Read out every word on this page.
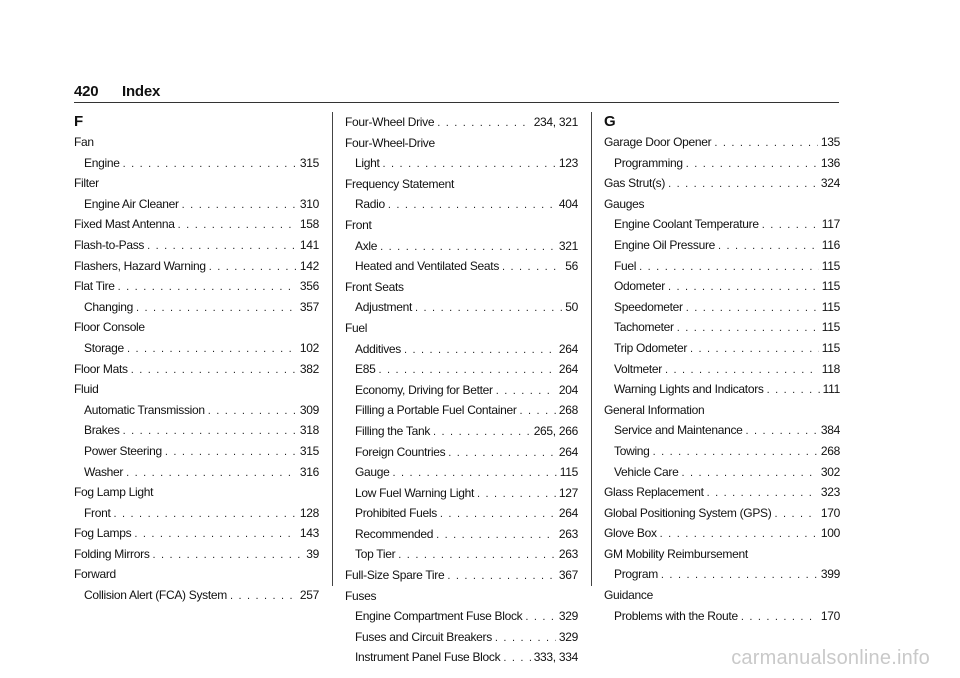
420 Index
F
Fan
Engine . . .	315
Filter
Engine Air Cleaner . . .	310
Fixed Mast Antenna . . .	158
Flash-to-Pass . . .	141
Flashers, Hazard Warning . . .	142
Flat Tire . . .	356
Changing . . .	357
Floor Console
Storage . . .	102
Floor Mats . . .	382
Fluid
Automatic Transmission . . .	309
Brakes . . .	318
Power Steering . . .	315
Washer . . .	316
Fog Lamp Light
Front . . .	128
Fog Lamps . . .	143
Folding Mirrors . . .	39
Forward
Collision Alert (FCA) System . . .	257
Four-Wheel Drive . . .	234, 321
Four-Wheel-Drive
Light . . .	123
Frequency Statement
Radio . . .	404
Front
Axle . . .	321
Heated and Ventilated Seats . . .	56
Front Seats
Adjustment . . .	50
Fuel
Additives . . .	264
E85 . . .	264
Economy, Driving for Better . . .	204
Filling a Portable Fuel Container . . .	268
Filling the Tank . . .	265, 266
Foreign Countries . . .	264
Gauge . . .	115
Low Fuel Warning Light . . .	127
Prohibited Fuels . . .	264
Recommended . . .	263
Top Tier . . .	263
Full-Size Spare Tire . . .	367
Fuses
Engine Compartment Fuse Block . . .	329
Fuses and Circuit Breakers . . .	329
Instrument Panel Fuse Block . . .	333, 334
G
Garage Door Opener . . .	135
Programming . . .	136
Gas Strut(s) . . .	324
Gauges
Engine Coolant Temperature . . .	117
Engine Oil Pressure . . .	116
Fuel . . .	115
Odometer . . .	115
Speedometer . . .	115
Tachometer . . .	115
Trip Odometer . . .	115
Voltmeter . . .	118
Warning Lights and Indicators . . .	111
General Information
Service and Maintenance . . .	384
Towing . . .	268
Vehicle Care . . .	302
Glass Replacement . . .	323
Global Positioning System (GPS) . . .	170
Glove Box . . .	100
GM Mobility Reimbursement
Program . . .	399
Guidance
Problems with the Route . . .	170
carmanualsonline.info
